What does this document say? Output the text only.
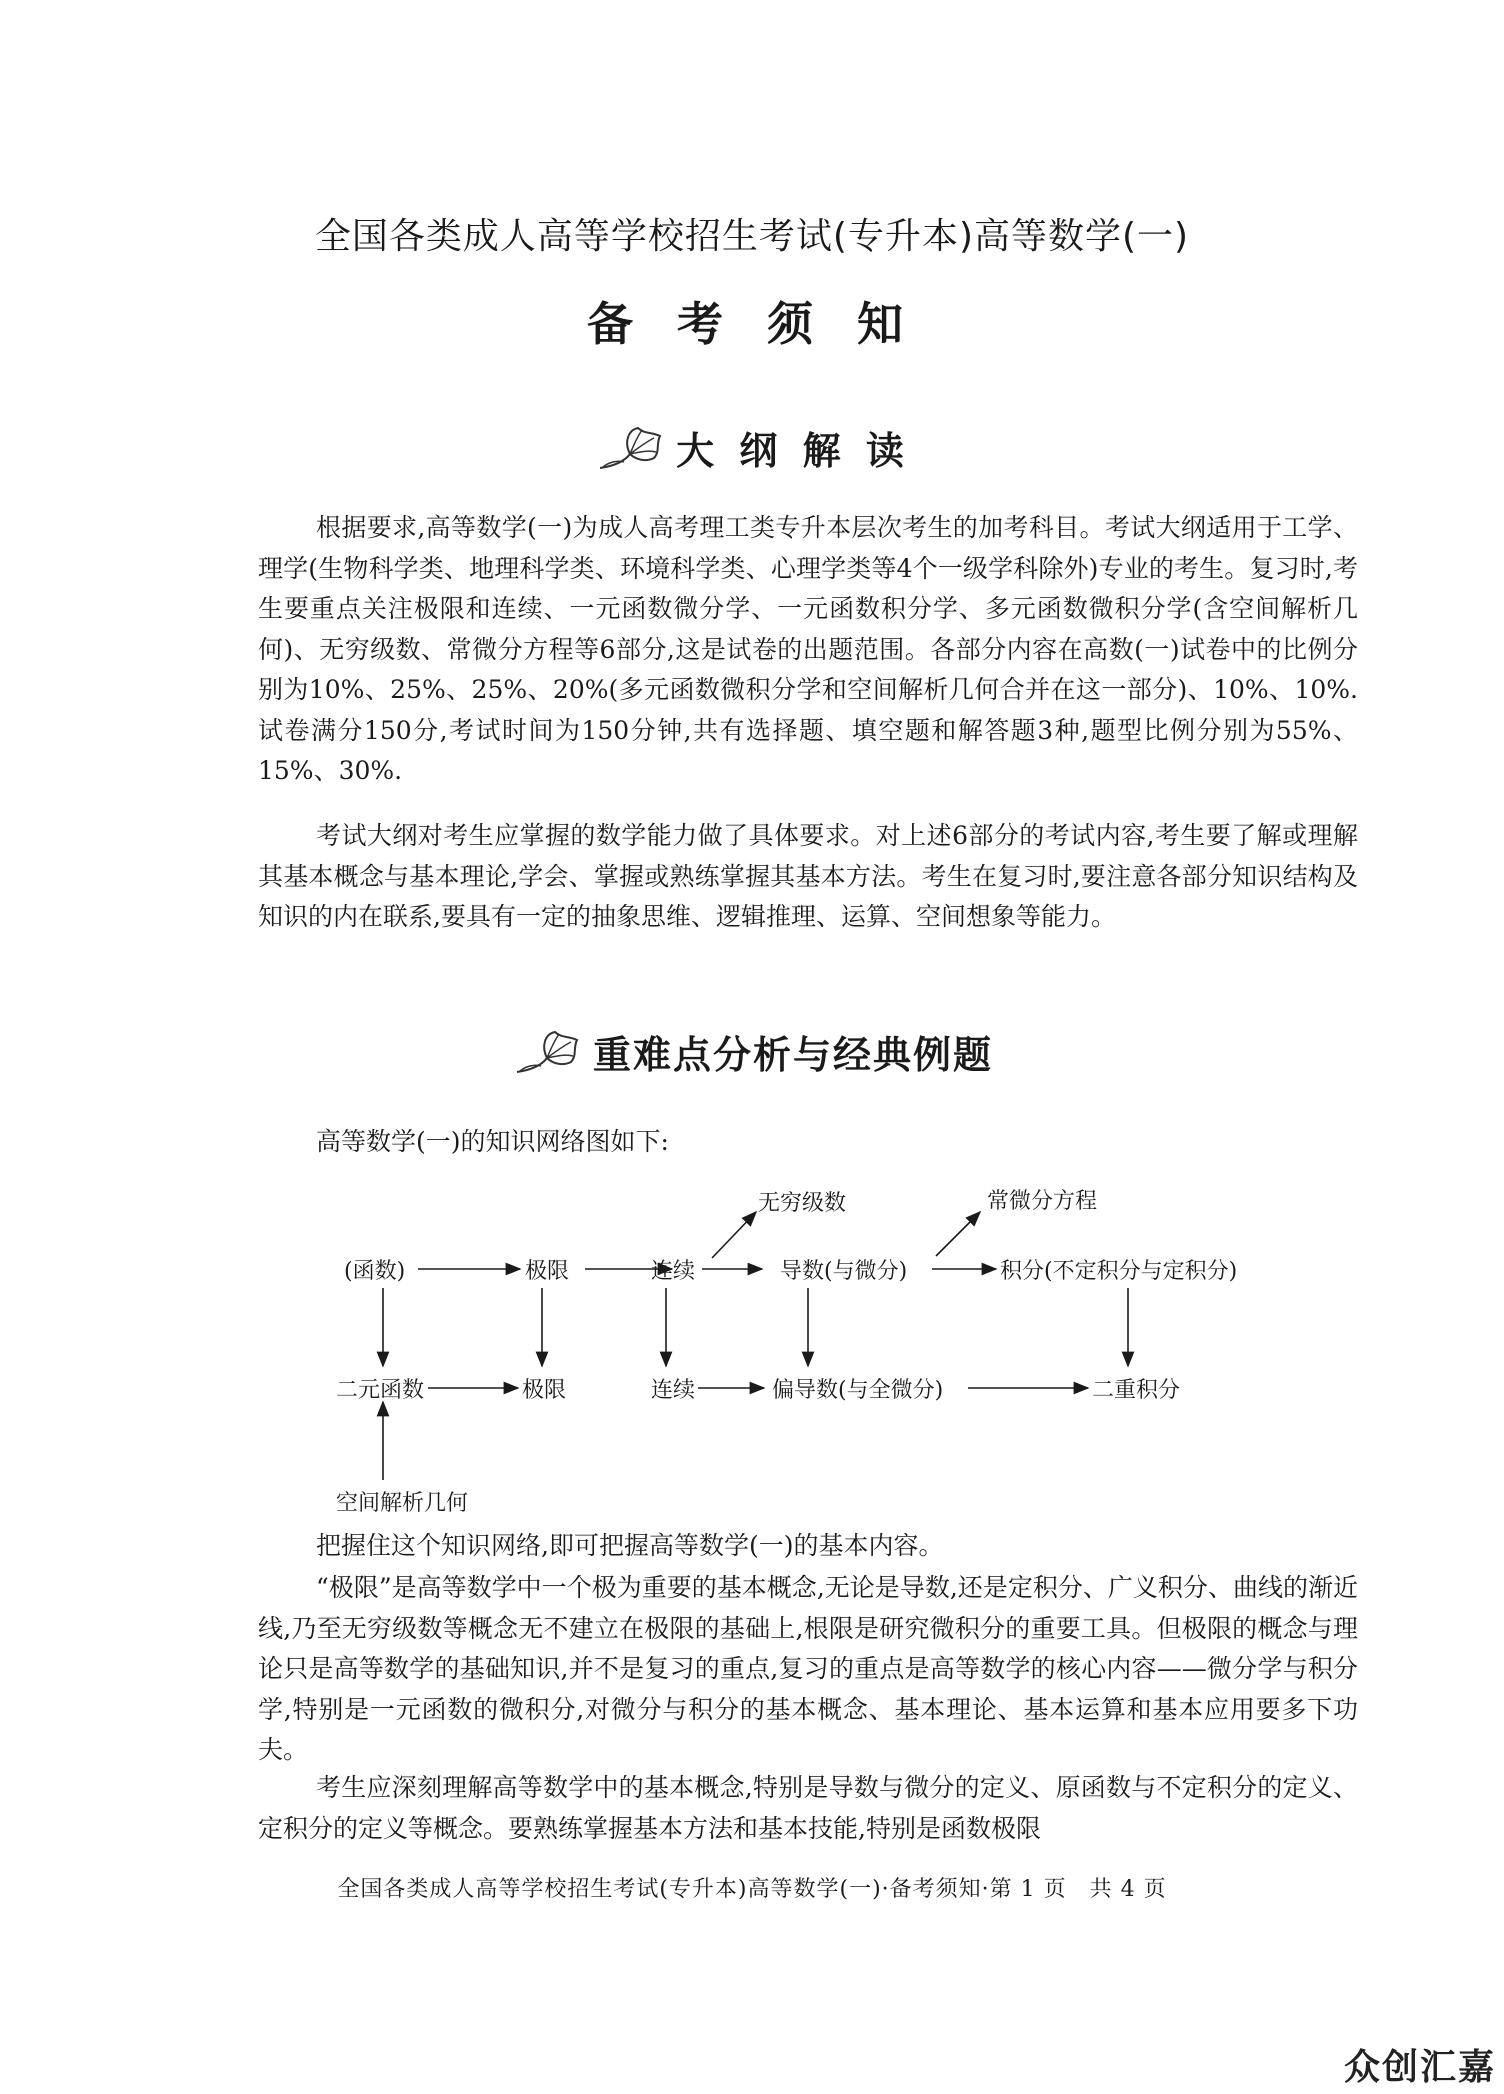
全国各类成人高等学校招生考试(专升本)高等数学(一)
备 考 须 知
大 纲 解 读

根据要求,高等数学(一)为成人高考理工类专升本层次考生的加考科目。考试大纲适用于工学、理学(生物科学类、地理科学类、环境科学类、心理学类等4个一级学科除外)专业的考生。复习时,考生要重点关注极限和连续、一元函数微分学、一元函数积分学、多元函数微积分学(含空间解析几何)、无穷级数、常微分方程等6部分,这是试卷的出题范围。各部分内容在高数(一)试卷中的比例分别为10%、25%、25%、20%(多元函数微积分学和空间解析几何合并在这一部分)、10%、10%.试卷满分150分,考试时间为150分钟,共有选择题、填空题和解答题3种,题型比例分别为55%、15%、30%.

考试大纲对考生应掌握的数学能力做了具体要求。对上述6部分的考试内容,考生要了解或理解其基本概念与基本理论,学会、掌握或熟练掌握其基本方法。考生在复习时,要注意各部分知识结构及知识的内在联系,要具有一定的抽象思维、逻辑推理、运算、空间想象等能力。

重难点分析与经典例题

高等数学(一)的知识网络图如下:

(函数)	极限	连续
无穷级数
导数(与微分)
常微分方程
积分(不定积分与定积分)
二元函数	极限	连续	偏导数(与全微分)	二重积分
空间解析几何

把握住这个知识网络,即可把握高等数学(一)的基本内容。

“极限”是高等数学中一个极为重要的基本概念,无论是导数,还是定积分、广义积分、曲线的渐近线,乃至无穷级数等概念无不建立在极限的基础上,根限是研究微积分的重要工具。但极限的概念与理论只是高等数学的基础知识,并不是复习的重点,复习的重点是高等数学的核心内容——微分学与积分学,特别是一元函数的微积分,对微分与积分的基本概念、基本理论、基本运算和基本应用要多下功夫。

考生应深刻理解高等数学中的基本概念,特别是导数与微分的定义、原函数与不定积分的定义、定积分的定义等概念。要熟练掌握基本方法和基本技能,特别是函数极限

全国各类成人高等学校招生考试(专升本)高等数学(一)·备考须知·第 1 页　共 4 页
众创汇嘉
